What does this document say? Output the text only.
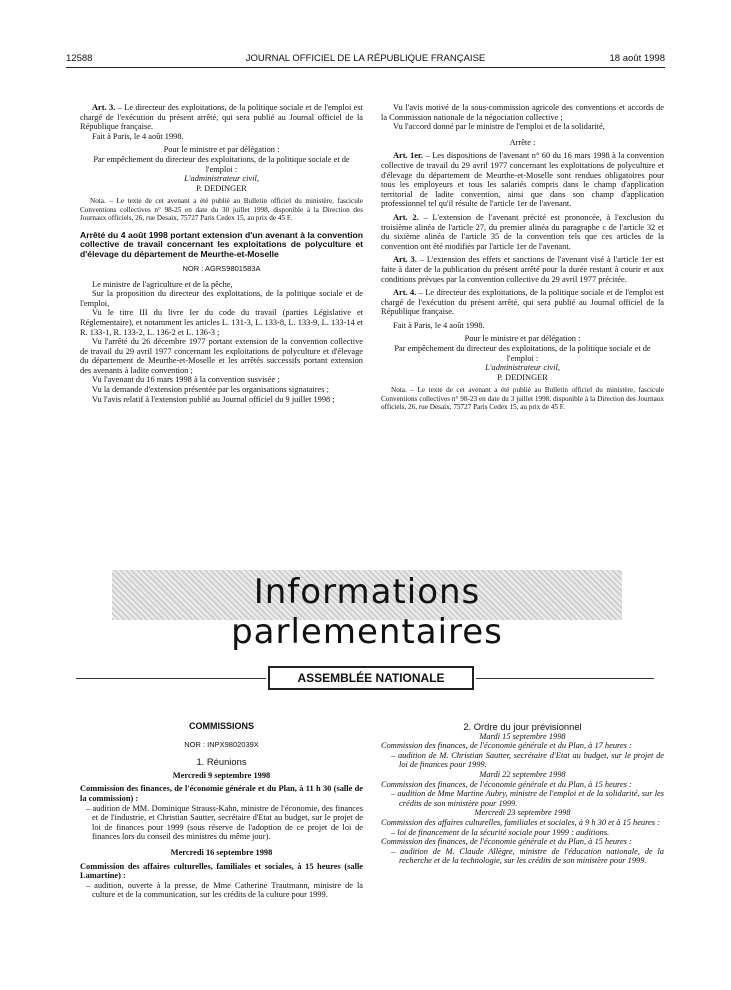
12588	JOURNAL OFFICIEL DE LA RÉPUBLIQUE FRANÇAISE	18 août 1998

Art. 3. – Le directeur des exploitations, de la politique sociale et de l'emploi est chargé de l'exécution du présent arrêté, qui sera publié au Journal officiel de la République française.

Fait à Paris, le 4 août 1998.

Pour le ministre et par délégation :

Par empêchement du directeur des exploitations, de la politique sociale et de l'emploi :

L'administrateur civil,

P. DEDINGER

Nota. – Le texte de cet avenant a été publié au Bulletin officiel du ministère, fascicule Conventions collectives n° 98-25 en date du 30 juillet 1998, disponible à la Direction des Journaux officiels, 26, rue Desaix, 75727 Paris Cedex 15, au prix de 45 F.

Arrêté du 4 août 1998 portant extension d'un avenant à la convention collective de travail concernant les exploitations de polyculture et d'élevage du département de Meurthe-et-Moselle

NOR : AGRS9801583A

Le ministre de l'agriculture et de la pêche,

Sur la proposition du directeur des exploitations, de la politique sociale et de l'emploi,

Vu le titre III du livre Ier du code du travail (parties Législative et Réglementaire), et notamment les articles L. 131-3, L. 133-8, L. 133-9, L. 133-14 et R. 133-1, R. 133-2, L. 136-2 et L. 136-3 ;

Vu l'arrêté du 26 décembre 1977 portant extension de la convention collective de travail du 29 avril 1977 concernant les exploitations de polyculture et d'élevage du département de Meurthe-et-Moselle et les arrêtés successifs portant extension des avenants à ladite convention ;

Vu l'avenant du 16 mars 1998 à la convention susvisée ;

Vu la demande d'extension présentée par les organisations signataires ;

Vu l'avis relatif à l'extension publié au Journal officiel du 9 juillet 1998 ;

Vu l'avis motivé de la sous-commission agricole des conventions et accords de la Commission nationale de la négociation collective ;

Vu l'accord donné par le ministre de l'emploi et de la solidarité,

Arrête :

Art. 1er. – Les dispositions de l'avenant n° 60 du 16 mars 1998 à la convention collective de travail du 29 avril 1977 concernant les exploitations de polyculture et d'élevage du département de Meurthe-et-Moselle sont rendues obligatoires pour tous les employeurs et tous les salariés compris dans le champ d'application territorial de ladite convention, ainsi que dans son champ d'application professionnel tel qu'il résulte de l'article 1er de l'avenant.

Art. 2. – L'extension de l'avenant précité est prononcée, à l'exclusion du troisième alinéa de l'article 27, du premier alinéa du paragraphe c de l'article 32 et du sixième alinéa de l'article 35 de la convention tels que ces articles de la convention ont été modifiés par l'article 1er de l'avenant.

Art. 3. – L'extension des effets et sanctions de l'avenant visé à l'article 1er est faite à dater de la publication du présent arrêté pour la durée restant à courir et aux conditions prévues par la convention collective du 29 avril 1977 précitée.

Art. 4. – Le directeur des exploitations, de la politique sociale et de l'emploi est chargé de l'exécution du présent arrêté, qui sera publié au Journal officiel de la République française.

Fait à Paris, le 4 août 1998.

Pour le ministre et par délégation :

Par empêchement du directeur des exploitations, de la politique sociale et de l'emploi :

L'administrateur civil,

P. DEDINGER

Nota. – Le texte de cet avenant a été publié au Bulletin officiel du ministère, fascicule Conventions collectives n° 98-23 en date du 3 juillet 1998, disponible à la Direction des Journaux officiels, 26, rue Desaix, 75727 Paris Cedex 15, au prix de 45 F.

Informations parlementaires
ASSEMBLÉE NATIONALE

COMMISSIONS

NOR : INPX9802039X

1. Réunions

Mercredi 9 septembre 1998

Commission des finances, de l'économie générale et du Plan, à 11 h 30 (salle de la commission) :

– audition de MM. Dominique Strauss-Kahn, ministre de l'économie, des finances et de l'industrie, et Christian Sautter, secrétaire d'Etat au budget, sur le projet de loi de finances pour 1999 (sous réserve de l'adoption de ce projet de loi de finances lors du conseil des ministres du même jour).

Mercredi 16 septembre 1998

Commission des affaires culturelles, familiales et sociales, à 15 heures (salle Lamartine) :

– audition, ouverte à la presse, de Mme Catherine Trautmann, ministre de la culture et de la communication, sur les crédits de la culture pour 1999.

2. Ordre du jour prévisionnel

Mardi 15 septembre 1998

Commission des finances, de l'économie générale et du Plan, à 17 heures :

– audition de M. Christian Sautter, secrétaire d'Etat au budget, sur le projet de loi de finances pour 1999.

Mardi 22 septembre 1998

Commission des finances, de l'économie générale et du Plan, à 15 heures :

– audition de Mme Martine Aubry, ministre de l'emploi et de la solidarité, sur les crédits de son ministère pour 1999.

Mercredi 23 septembre 1998

Commission des affaires culturelles, familiales et sociales, à 9 h 30 et à 15 heures :

– loi de financement de la sécurité sociale pour 1999 : auditions.

Commission des finances, de l'économie générale et du Plan, à 15 heures :

– audition de M. Claude Allègre, ministre de l'éducation nationale, de la recherche et de la technologie, sur les crédits de son ministère pour 1999.
